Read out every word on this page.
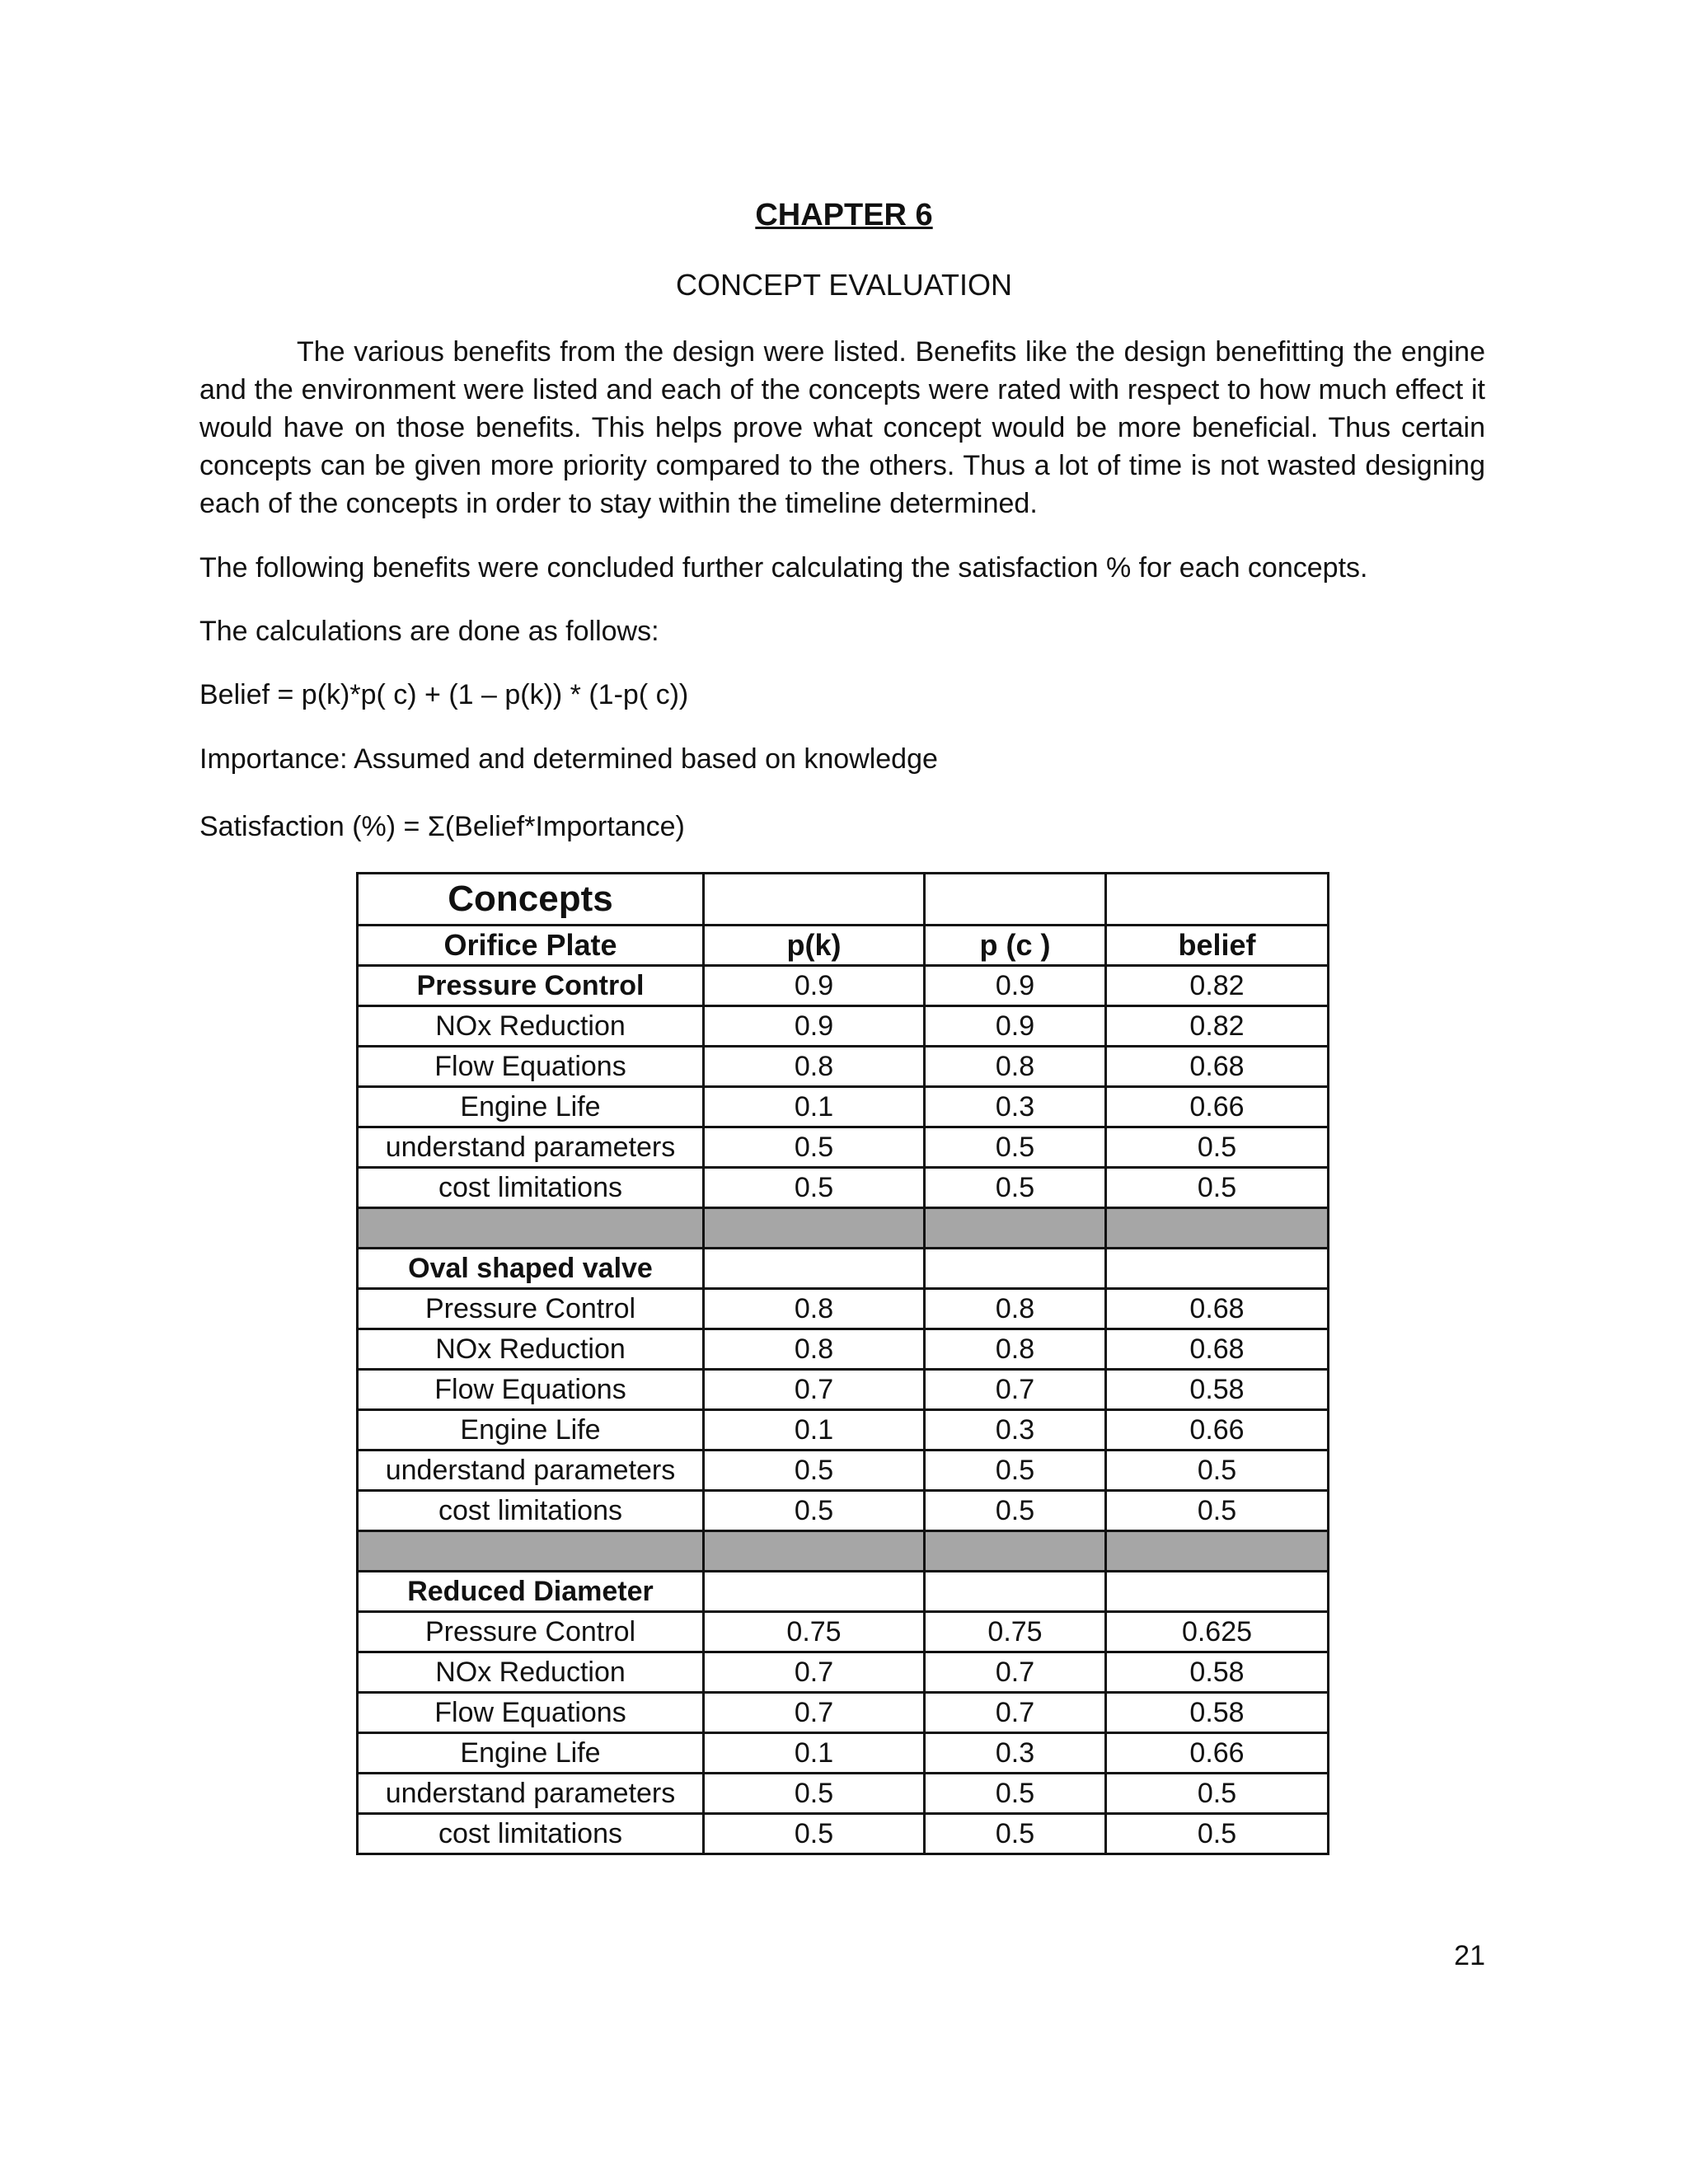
CHAPTER 6
CONCEPT EVALUATION

The various benefits from the design were listed. Benefits like the design benefitting the engine and the environment were listed and each of the concepts were rated with respect to how much effect it would have on those benefits. This helps prove what concept would be more beneficial. Thus certain concepts can be given more priority compared to the others. Thus a lot of time is not wasted designing each of the concepts in order to stay within the timeline determined.

The following benefits were concluded further calculating the satisfaction % for each concepts.

The calculations are done as follows:

Belief = p(k)*p( c) + (1 – p(k)) * (1-p( c))

Importance: Assumed and determined based on knowledge

Satisfaction (%) = Σ(Belief*Importance)

Concepts			
Orifice Plate	p(k)	p (c )	belief
Pressure Control	0.9	0.9	0.82
NOx Reduction	0.9	0.9	0.82
Flow Equations	0.8	0.8	0.68
Engine Life	0.1	0.3	0.66
understand parameters	0.5	0.5	0.5
cost limitations	0.5	0.5	0.5

Oval shaped valve			
Pressure Control	0.8	0.8	0.68
NOx Reduction	0.8	0.8	0.68
Flow Equations	0.7	0.7	0.58
Engine Life	0.1	0.3	0.66
understand parameters	0.5	0.5	0.5
cost limitations	0.5	0.5	0.5

Reduced Diameter			
Pressure Control	0.75	0.75	0.625
NOx Reduction	0.7	0.7	0.58
Flow Equations	0.7	0.7	0.58
Engine Life	0.1	0.3	0.66
understand parameters	0.5	0.5	0.5
cost limitations	0.5	0.5	0.5
21
